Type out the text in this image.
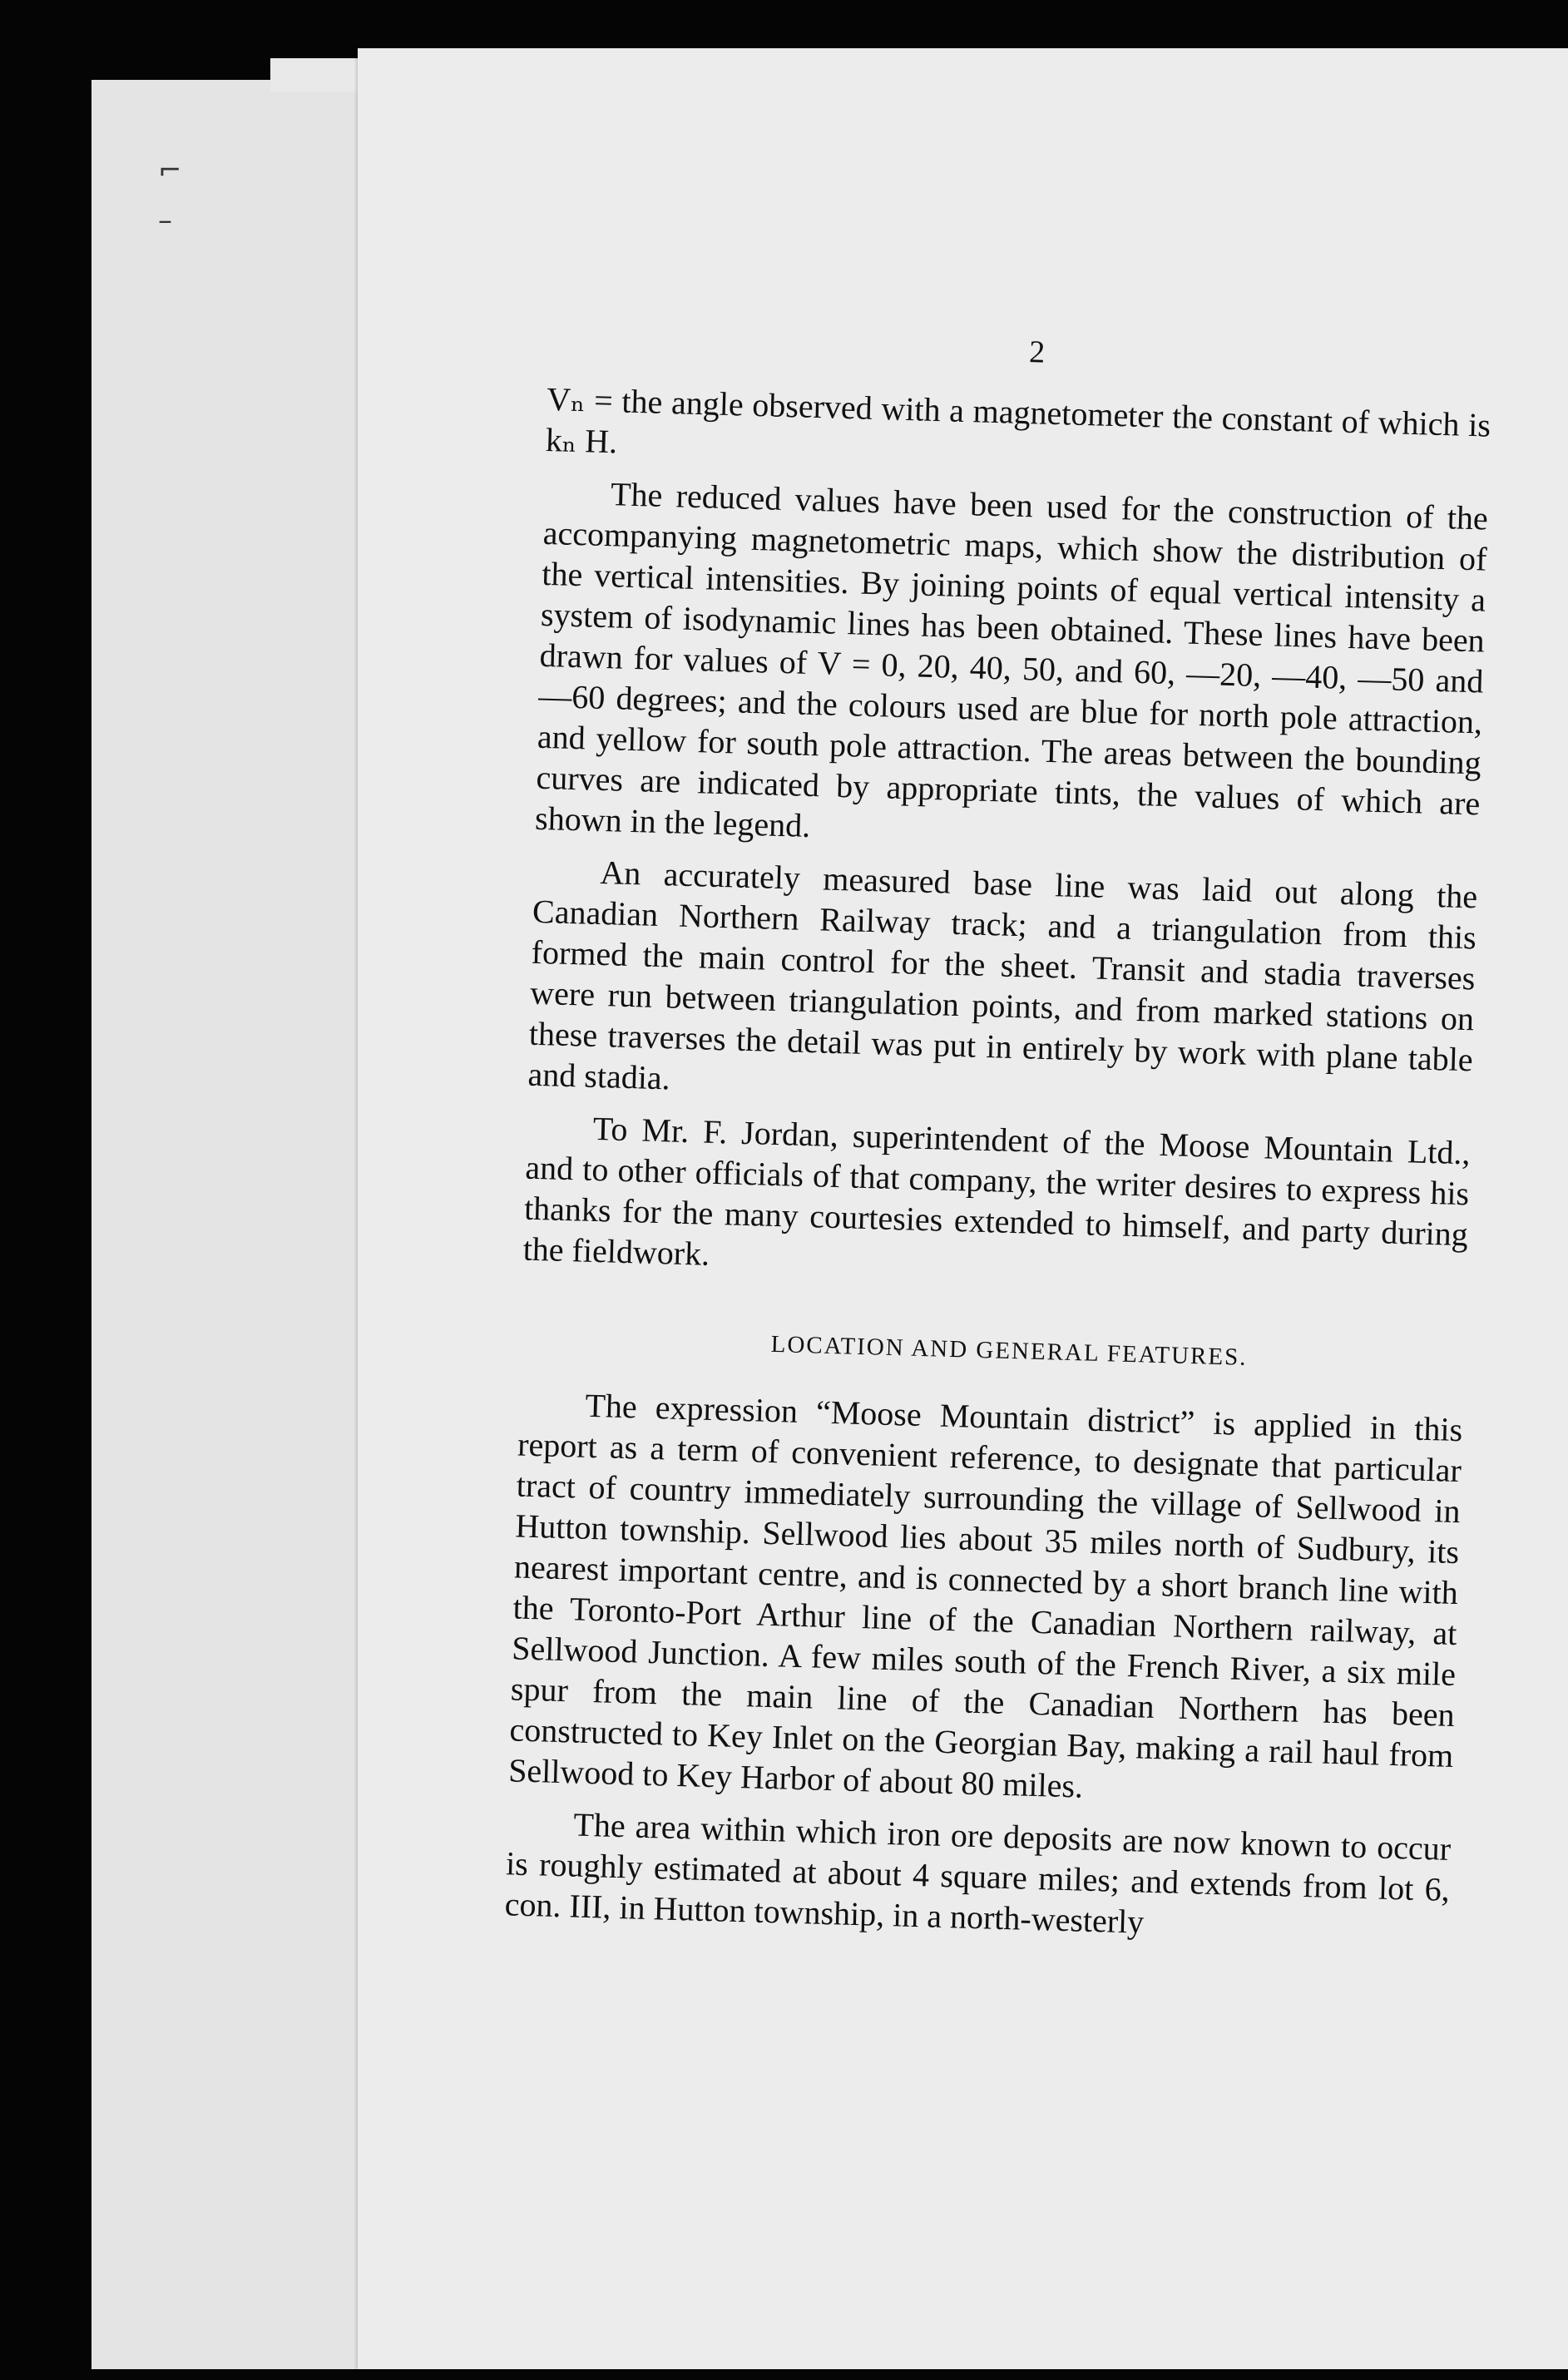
⌐
–
2

Vₙ = the angle observed with a magnetometer the constant of which is kₙ H.

The reduced values have been used for the construction of the accompanying magnetometric maps, which show the distribution of the vertical intensities. By joining points of equal vertical intensity a system of isodynamic lines has been obtained. These lines have been drawn for values of V = 0, 20, 40, 50, and 60, —20, —40, —50 and —60 degrees; and the colours used are blue for north pole attraction, and yellow for south pole attraction. The areas between the bounding curves are indicated by appropriate tints, the values of which are shown in the legend.

An accurately measured base line was laid out along the Canadian Northern Railway track; and a triangulation from this formed the main control for the sheet. Transit and stadia traverses were run between triangulation points, and from marked stations on these traverses the detail was put in entirely by work with plane table and stadia.

To Mr. F. Jordan, superintendent of the Moose Mountain Ltd., and to other officials of that company, the writer desires to express his thanks for the many courtesies extended to himself, and party during the fieldwork.

LOCATION AND GENERAL FEATURES.

The expression “Moose Mountain district” is applied in this report as a term of convenient reference, to designate that particular tract of country immediately surrounding the village of Sellwood in Hutton township. Sellwood lies about 35 miles north of Sudbury, its nearest important centre, and is connected by a short branch line with the Toronto-Port Arthur line of the Canadian Northern railway, at Sellwood Junction. A few miles south of the French River, a six mile spur from the main line of the Canadian Northern has been constructed to Key Inlet on the Georgian Bay, making a rail haul from Sellwood to Key Harbor of about 80 miles.

The area within which iron ore deposits are now known to occur is roughly estimated at about 4 square miles; and extends from lot 6, con. III, in Hutton township, in a north-westerly
